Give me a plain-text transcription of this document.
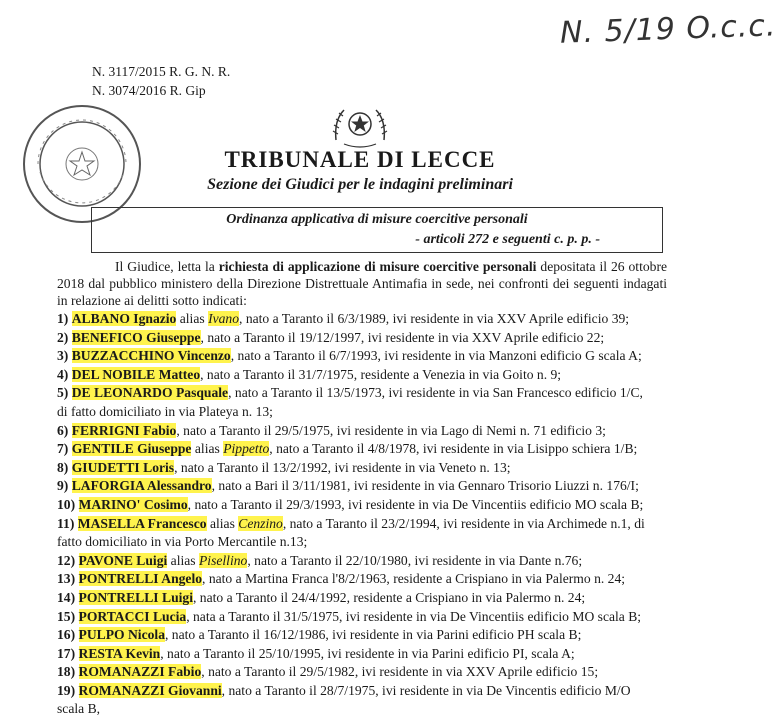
N. 5/19 O.c.c.
N. 3117/2015 R. G. N. R.
N. 3074/2016 R. Gip
TRIBUNALE DI LECCE
Sezione dei Giudici per le indagini preliminari
Ordinanza applicativa di misure coercitive personali
- articoli 272 e seguenti c. p. p. -
Il Giudice, letta la richiesta di applicazione di misure coercitive personali depositata il 26 ottobre 2018 dal pubblico ministero della Direzione Distrettuale Antimafia in sede, nei confronti dei seguenti indagati in relazione ai delitti sotto indicati:
1) ALBANO Ignazio alias Ivano, nato a Taranto il 6/3/1989, ivi residente in via XXV Aprile edificio 39;
2) BENEFICO Giuseppe, nato a Taranto il 19/12/1997, ivi residente in via XXV Aprile edificio 22;
3) BUZZACCHINO Vincenzo, nato a Taranto il 6/7/1993, ivi residente in via Manzoni edificio G scala A;
4) DEL NOBILE Matteo, nato a Taranto il 31/7/1975, residente a Venezia in via Goito n. 9;
5) DE LEONARDO Pasquale, nato a Taranto il 13/5/1973, ivi residente in via San Francesco edificio 1/C,
di fatto domiciliato in via Plateya n. 13;
6) FERRIGNI Fabio, nato a Taranto il 29/5/1975, ivi residente in via Lago di Nemi n. 71 edificio 3;
7) GENTILE Giuseppe alias Pippetto, nato a Taranto il 4/8/1978, ivi residente in via Lisippo schiera 1/B;
8) GIUDETTI Loris, nato a Taranto il 13/2/1992, ivi residente in via Veneto n. 13;
9) LAFORGIA Alessandro, nato a Bari il 3/11/1981, ivi residente in via Gennaro Trisorio Liuzzi n. 176/I;
10) MARINO' Cosimo, nato a Taranto il 29/3/1993, ivi residente in via De Vincentiis edificio MO scala B;
11) MASELLA Francesco alias Cenzino, nato a Taranto il 23/2/1994, ivi residente in via Archimede n.1, di
fatto domiciliato in via Porto Mercantile n.13;
12) PAVONE Luigi alias Pisellino, nato a Taranto il 22/10/1980, ivi residente in via Dante n.76;
13) PONTRELLI Angelo, nato a Martina Franca l'8/2/1963, residente a Crispiano in via Palermo n. 24;
14) PONTRELLI Luigi, nato a Taranto il 24/4/1992, residente a Crispiano in via Palermo n. 24;
15) PORTACCI Lucia, nata a Taranto il 31/5/1975, ivi residente in via De Vincentiis edificio MO scala B;
16) PULPO Nicola, nato a Taranto il 16/12/1986, ivi residente in via Parini edificio PH scala B;
17) RESTA Kevin, nato a Taranto il 25/10/1995, ivi residente in via Parini edificio PI, scala A;
18) ROMANAZZI Fabio, nato a Taranto il 29/5/1982, ivi residente in via XXV Aprile edificio 15;
19) ROMANAZZI Giovanni, nato a Taranto il 28/7/1975, ivi residente in via De Vincentis edificio M/O
scala B,
